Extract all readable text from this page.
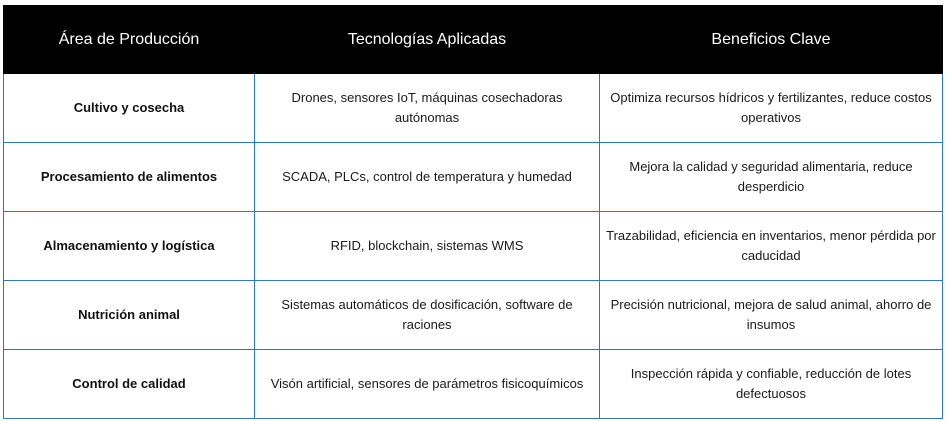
Área de Producción	Tecnologías Aplicadas	Beneficios Clave
Cultivo y cosecha	Drones, sensores IoT, máquinas cosechadoras autónomas	Optimiza recursos hídricos y fertilizantes, reduce costos operativos
Procesamiento de alimentos	SCADA, PLCs, control de temperatura y humedad	Mejora la calidad y seguridad alimentaria, reduce desperdicio
Almacenamiento y logística	RFID, blockchain, sistemas WMS	Trazabilidad, eficiencia en inventarios, menor pérdida por caducidad
Nutrición animal	Sistemas automáticos de dosificación, software de raciones	Precisión nutricional, mejora de salud animal, ahorro de insumos
Control de calidad	Visón artificial, sensores de parámetros fisicoquímicos	Inspección rápida y confiable, reducción de lotes defectuosos
